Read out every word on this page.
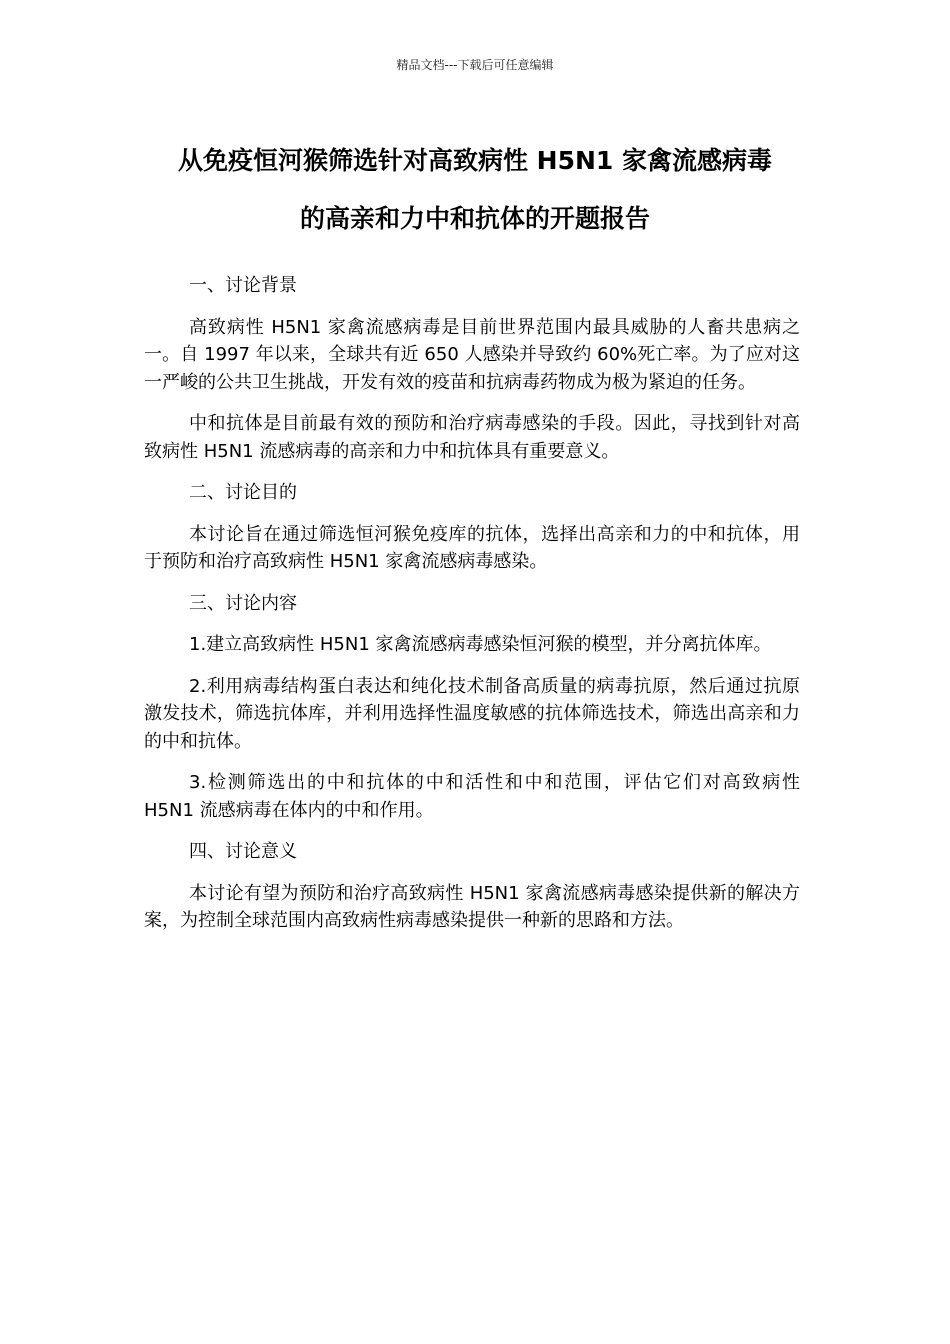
精品文档---下载后可任意编辑
从免疫恒河猴筛选针对高致病性 H5N1 家禽流感病毒
的高亲和力中和抗体的开题报告

一、讨论背景

高致病性 H5N1 家禽流感病毒是目前世界范围内最具威胁的人畜共患病之一。自 1997 年以来，全球共有近 650 人感染并导致约 60%死亡率。为了应对这一严峻的公共卫生挑战，开发有效的疫苗和抗病毒药物成为极为紧迫的任务。

中和抗体是目前最有效的预防和治疗病毒感染的手段。因此，寻找到针对高致病性 H5N1 流感病毒的高亲和力中和抗体具有重要意义。

二、讨论目的

本讨论旨在通过筛选恒河猴免疫库的抗体，选择出高亲和力的中和抗体，用于预防和治疗高致病性 H5N1 家禽流感病毒感染。

三、讨论内容

1.建立高致病性 H5N1 家禽流感病毒感染恒河猴的模型，并分离抗体库。

2.利用病毒结构蛋白表达和纯化技术制备高质量的病毒抗原，然后通过抗原激发技术，筛选抗体库，并利用选择性温度敏感的抗体筛选技术，筛选出高亲和力的中和抗体。

3.检测筛选出的中和抗体的中和活性和中和范围，评估它们对高致病性 H5N1 流感病毒在体内的中和作用。

四、讨论意义

本讨论有望为预防和治疗高致病性 H5N1 家禽流感病毒感染提供新的解决方案，为控制全球范围内高致病性病毒感染提供一种新的思路和方法。
